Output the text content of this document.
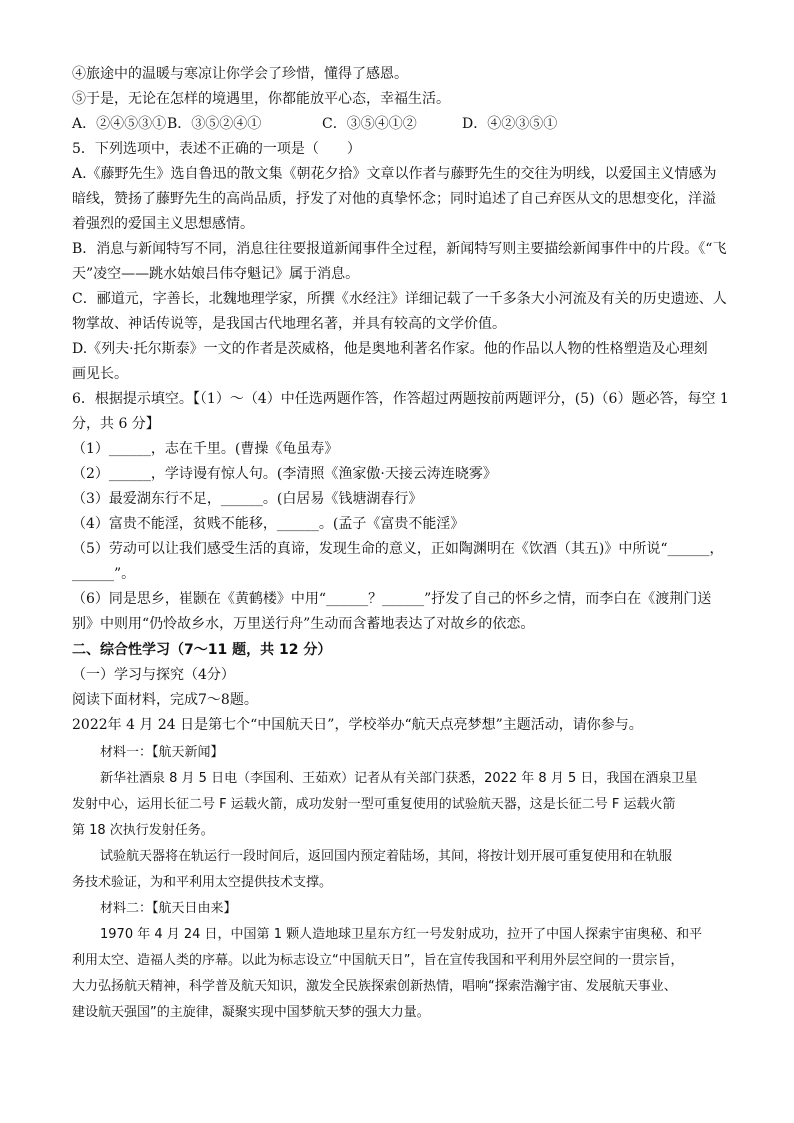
④旅途中的温暖与寒凉让你学会了珍惜，懂得了感恩。
⑤于是，无论在怎样的境遇里，你都能放平心态，幸福生活。
A．②④⑤③① B．③⑤②④①	C．③⑤④①②	D．④②③⑤①
5．下列选项中，表述不正确的一项是（　　）
A.《藤野先生》选自鲁迅的散文集《朝花夕拾》文章以作者与藤野先生的交往为明线，以爱国主义情感为
暗线，赞扬了藤野先生的高尚品质，抒发了对他的真挚怀念；同时追述了自己弃医从文的思想变化，洋溢
着强烈的爱国主义思想感情。
B．消息与新闻特写不同，消息往往要报道新闻事件全过程，新闻特写则主要描绘新闻事件中的片段。《“飞
天”凌空——跳水姑娘吕伟夺魁记》属于消息。
C．郦道元，字善长，北魏地理学家，所撰《水经注》详细记载了一千多条大小河流及有关的历史遗迹、人
物掌故、神话传说等，是我国古代地理名著，并具有较高的文学价值。
D.《列夫·托尔斯泰》一文的作者是茨威格，他是奥地利著名作家。他的作品以人物的性格塑造及心理刻
画见长。
6．根据提示填空。【（1）～（4）中任选两题作答，作答超过两题按前两题评分，(5)（6）题必答，每空 1
分，共 6 分】
（1）______，志在千里。(曹操《龟虽寿》
（2）______，学诗谩有惊人句。(李清照《渔家傲·天接云涛连晓雾》
（3）最爱湖东行不足，______。(白居易《钱塘湖春行》
（4）富贵不能淫，贫贱不能移，______。(孟子《富贵不能淫》
（5）劳动可以让我们感受生活的真谛，发现生命的意义，正如陶渊明在《饮酒（其五)》中所说“______，
______”。
（6）同是思乡，崔颢在《黄鹤楼》中用“______？______”抒发了自己的怀乡之情，而李白在《渡荆门送
别》中则用“仍怜故乡水，万里送行舟”生动而含蓄地表达了对故乡的依恋。
二、综合性学习（7～11 题，共 12 分）
（一）学习与探究（4分）
阅读下面材料，完成7～8题。
2022年 4 月 24 日是第七个“中国航天日”，学校举办“航天点亮梦想”主题活动，请你参与。
材料一：【航天新闻】
新华社酒泉 8 月 5 日电（李国利、王茹欢）记者从有关部门获悉，2022 年 8 月 5 日，我国在酒泉卫星
发射中心，运用长征二号 F 运载火箭，成功发射一型可重复使用的试验航天器，这是长征二号 F 运载火箭
第 18 次执行发射任务。
试验航天器将在轨运行一段时间后，返回国内预定着陆场，其间，将按计划开展可重复使用和在轨服
务技术验证，为和平利用太空提供技术支撑。
材料二：【航天日由来】
1970 年 4 月 24 日，中国第 1 颗人造地球卫星东方红一号发射成功，拉开了中国人探索宇宙奥秘、和平
利用太空、造福人类的序幕。以此为标志设立“中国航天日”，旨在宣传我国和平利用外层空间的一贯宗旨，
大力弘扬航天精神，科学普及航天知识，激发全民族探索创新热情，唱响“探索浩瀚宇宙、发展航天事业、
建设航天强国”的主旋律，凝聚实现中国梦航天梦的强大力量。
